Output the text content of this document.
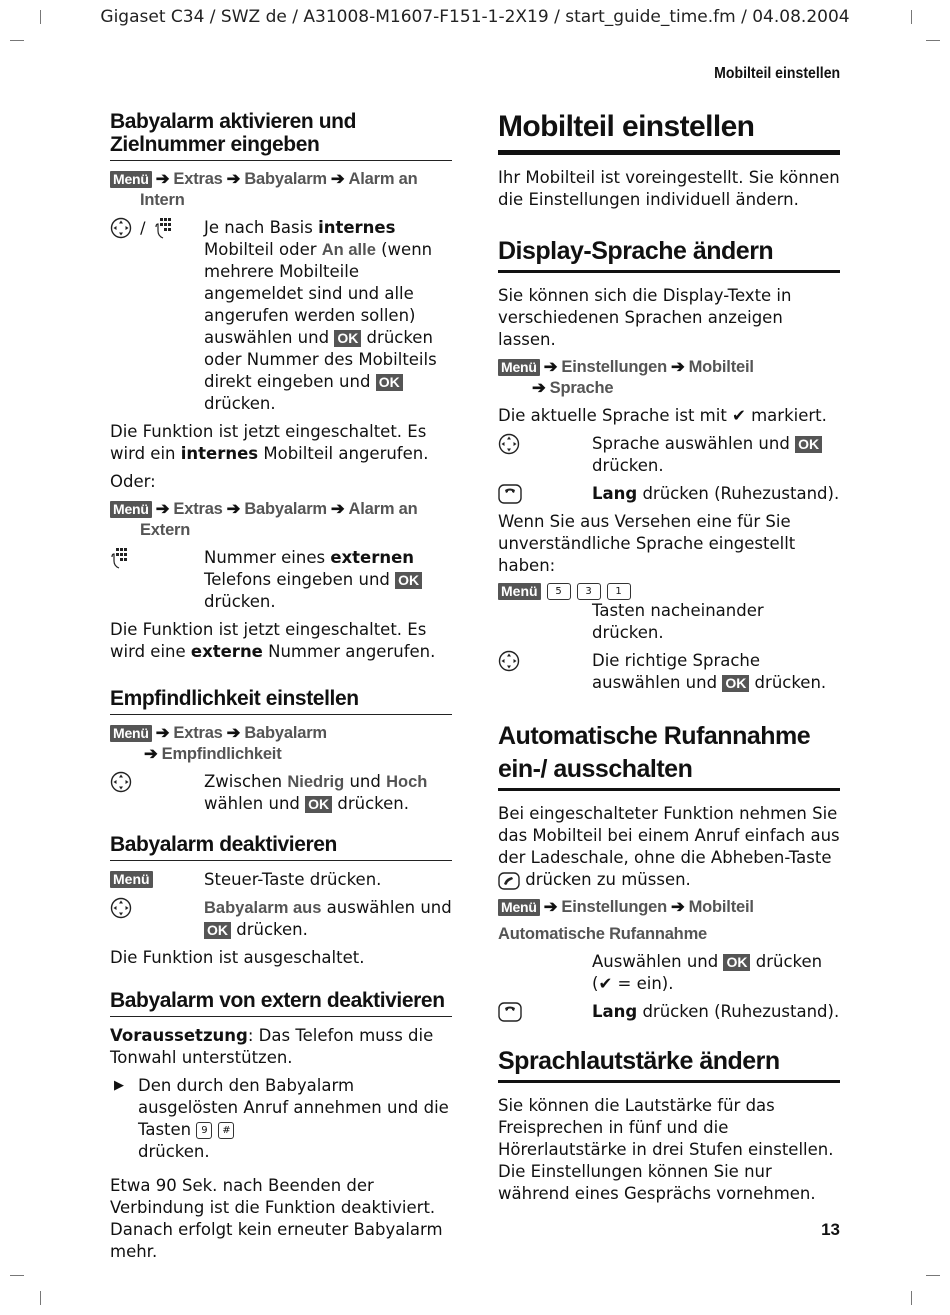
Gigaset C34 / SWZ de / A31008-M1607-F151-1-2X19 / start_guide_time.fm / 04.08.2004
Mobilteil einstellen
13
Babyalarm aktivieren und Zielnummer eingeben
Menü ➔ Extras ➔ Babyalarm ➔ Alarm an
Intern
/	Je nach Basis internes Mobilteil oder An alle (wenn mehrere Mobilteile angemeldet sind und alle angerufen werden sollen) auswählen und OK drücken oder Nummer des Mobilteils direkt eingeben und OK drücken.

Die Funktion ist jetzt eingeschaltet. Es wird ein internes Mobilteil angerufen.

Oder:

Menü ➔ Extras ➔ Babyalarm ➔ Alarm an
Extern
Nummer eines externen Telefons eingeben und OK drücken.

Die Funktion ist jetzt eingeschaltet. Es wird eine externe Nummer angerufen.

Empfindlichkeit einstellen
Menü ➔ Extras ➔ Babyalarm
➔ Empfindlichkeit
Zwischen Niedrig und Hoch wählen und OK drücken.
Babyalarm deaktivieren
Menü	Steuer-Taste drücken.
Babyalarm aus auswählen und OK drücken.

Die Funktion ist ausgeschaltet.

Babyalarm von extern deaktivieren

Voraussetzung: Das Telefon muss die Tonwahl unterstützen.

▶ Den durch den Babyalarm ausgelösten Anruf annehmen und die Tasten 9 #
drücken.

Etwa 90 Sek. nach Beenden der Verbindung ist die Funktion deaktiviert. Danach erfolgt kein erneuter Babyalarm mehr.

Mobilteil einstellen

Ihr Mobilteil ist voreingestellt. Sie können die Einstellungen individuell ändern.

Display-Sprache ändern

Sie können sich die Display-Texte in verschiedenen Sprachen anzeigen lassen.

Menü ➔ Einstellungen ➔ Mobilteil
➔ Sprache

Die aktuelle Sprache ist mit ✔ markiert.

Sprache auswählen und OK drücken.
Lang drücken (Ruhezustand).

Wenn Sie aus Versehen eine für Sie unverständliche Sprache eingestellt haben:

Menü	5	3	1
Tasten nacheinander drücken.
Die richtige Sprache auswählen und OK drücken.
Automatische Rufannahme ein-/ ausschalten

Bei eingeschalteter Funktion nehmen Sie das Mobilteil bei einem Anruf einfach aus der Ladeschale, ohne die Abheben-Taste  drücken zu müssen.

Menü ➔ Einstellungen ➔ Mobilteil
Automatische Rufannahme
Auswählen und OK drücken (✔ = ein).
Lang drücken (Ruhezustand).
Sprachlautstärke ändern

Sie können die Lautstärke für das Freisprechen in fünf und die Hörerlautstärke in drei Stufen einstellen. Die Einstellungen können Sie nur während eines Gesprächs vornehmen.
